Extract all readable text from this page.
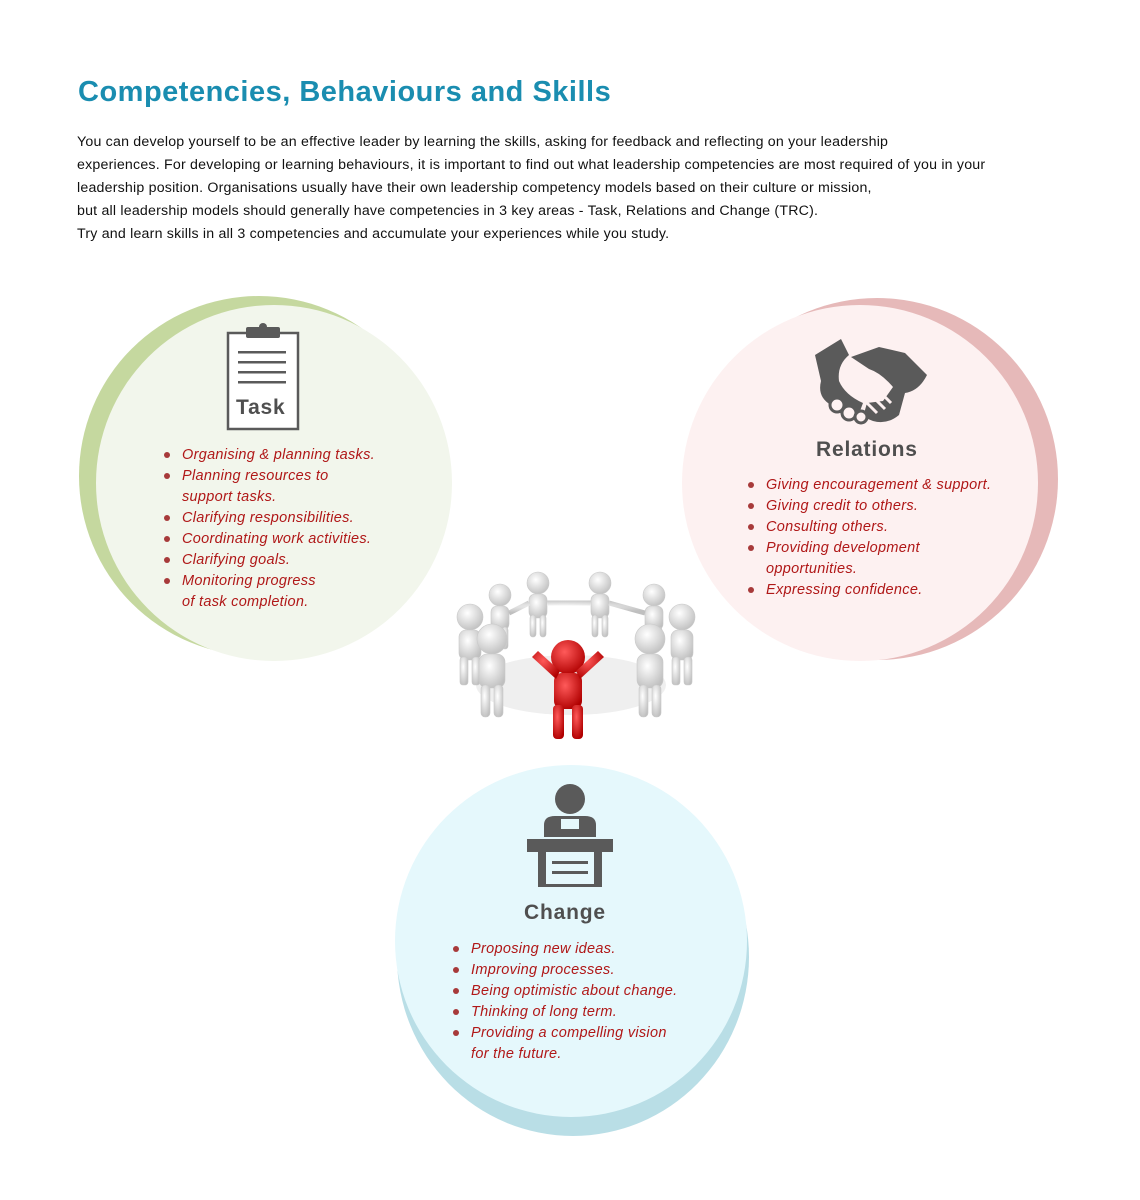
Competencies, Behaviours and Skills
You can develop yourself to be an effective leader by learning the skills, asking for feedback and reflecting on your leadership
experiences. For developing or learning behaviours, it is important to find out what leadership competencies are most required of you in your
leadership position. Organisations usually have their own leadership competency models based on their culture or mission,
but all leadership models should generally have competencies in 3 key areas - Task, Relations and Change (TRC).
Try and learn skills in all 3 competencies and accumulate your experiences while you study.
Task
Organising & planning tasks.
Planning resources to
support tasks.
Clarifying responsibilities.
Coordinating work activities.
Clarifying goals.
Monitoring progress
of task completion.
Relations
Giving encouragement & support.
Giving credit to others.
Consulting others.
Providing development
opportunities.
Expressing confidence.
Change
Proposing new ideas.
Improving processes.
Being optimistic about change.
Thinking of long term.
Providing a compelling vision
for the future.
